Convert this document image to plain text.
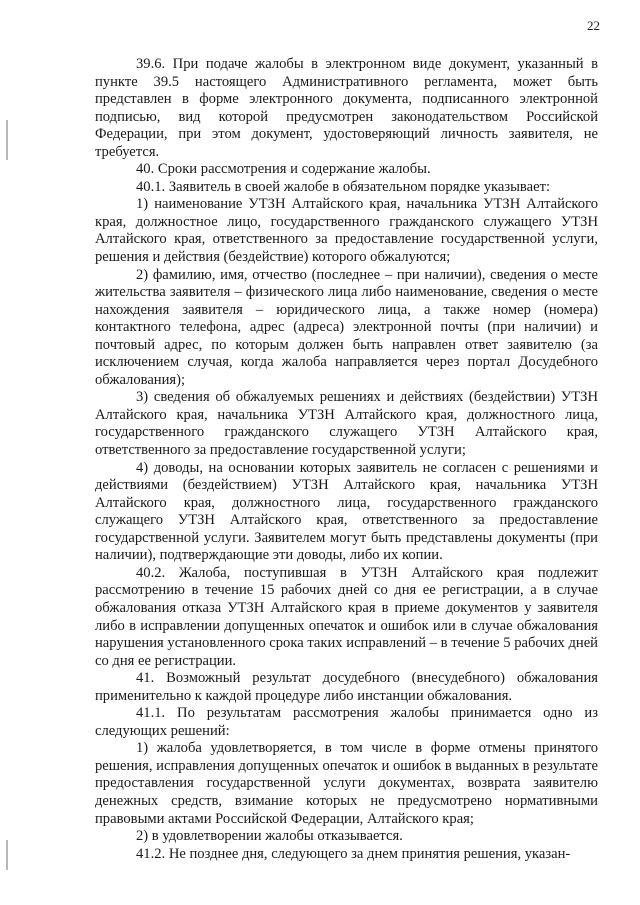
22

39.6. При подаче жалобы в электронном виде документ, указанный в пункте 39.5 настоящего Административного регламента, может быть представлен в форме электронного документа, подписанного электронной подписью, вид которой предусмотрен законодательством Российской Федерации, при этом документ, удостоверяющий личность заявителя, не требуется.

40. Сроки рассмотрения и содержание жалобы.

40.1. Заявитель в своей жалобе в обязательном порядке указывает:

1) наименование УТЗН Алтайского края, начальника УТЗН Алтайского края, должностное лицо, государственного гражданского служащего УТЗН Алтайского края, ответственного за предоставление государственной услуги, решения и действия (бездействие) которого обжалуются;

2) фамилию, имя, отчество (последнее – при наличии), сведения о месте жительства заявителя – физического лица либо наименование, сведения о месте нахождения заявителя – юридического лица, а также номер (номера) контактного телефона, адрес (адреса) электронной почты (при наличии) и почтовый адрес, по которым должен быть направлен ответ заявителю (за исключением случая, когда жалоба направляется через портал Досудебного обжалования);

3) сведения об обжалуемых решениях и действиях (бездействии) УТЗН Алтайского края, начальника УТЗН Алтайского края, должностного лица, государственного гражданского служащего УТЗН Алтайского края, ответственного за предоставление государственной услуги;

4) доводы, на основании которых заявитель не согласен с решениями и действиями (бездействием) УТЗН Алтайского края, начальника УТЗН Алтайского края, должностного лица, государственного гражданского служащего УТЗН Алтайского края, ответственного за предоставление государственной услуги. Заявителем могут быть представлены документы (при наличии), подтверждающие эти доводы, либо их копии.

40.2. Жалоба, поступившая в УТЗН Алтайского края подлежит рассмотрению в течение 15 рабочих дней со дня ее регистрации, а в случае обжалования отказа УТЗН Алтайского края в приеме документов у заявителя либо в исправлении допущенных опечаток и ошибок или в случае обжалования нарушения установленного срока таких исправлений – в течение 5 рабочих дней со дня ее регистрации.

41. Возможный результат досудебного (внесудебного) обжалования применительно к каждой процедуре либо инстанции обжалования.

41.1. По результатам рассмотрения жалобы принимается одно из следующих решений:

1) жалоба удовлетворяется, в том числе в форме отмены принятого решения, исправления допущенных опечаток и ошибок в выданных в результате предоставления государственной услуги документах, возврата заявителю денежных средств, взимание которых не предусмотрено нормативными правовыми актами Российской Федерации, Алтайского края;

2) в удовлетворении жалобы отказывается.

41.2. Не позднее дня, следующего за днем принятия решения, указан-
